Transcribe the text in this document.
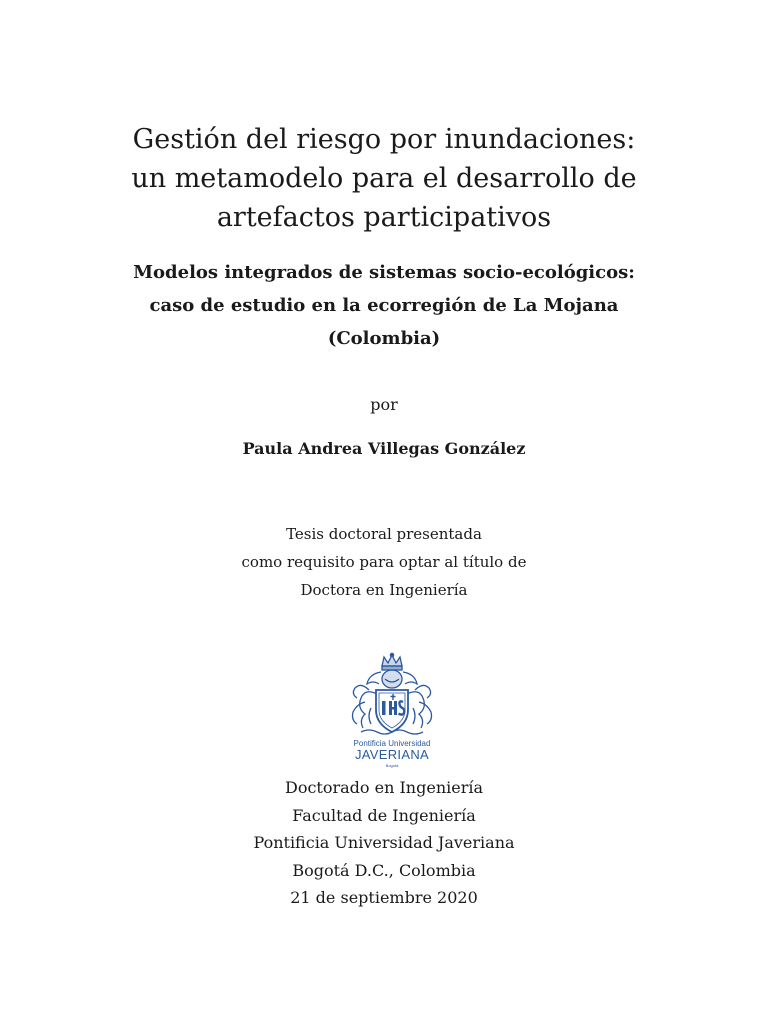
Gestión del riesgo por inundaciones:
un metamodelo para el desarrollo de
artefactos participativos
Modelos integrados de sistemas socio-ecológicos:
caso de estudio en la ecorregión de La Mojana
(Colombia)
por
Paula Andrea Villegas González
Tesis doctoral presentada
como requisito para optar al título de
Doctora en Ingeniería
Pontificia Universidad
JAVERIANA
Bogotá
Doctorado en Ingeniería
Facultad de Ingeniería
Pontificia Universidad Javeriana
Bogotá D.C., Colombia
21 de septiembre 2020
